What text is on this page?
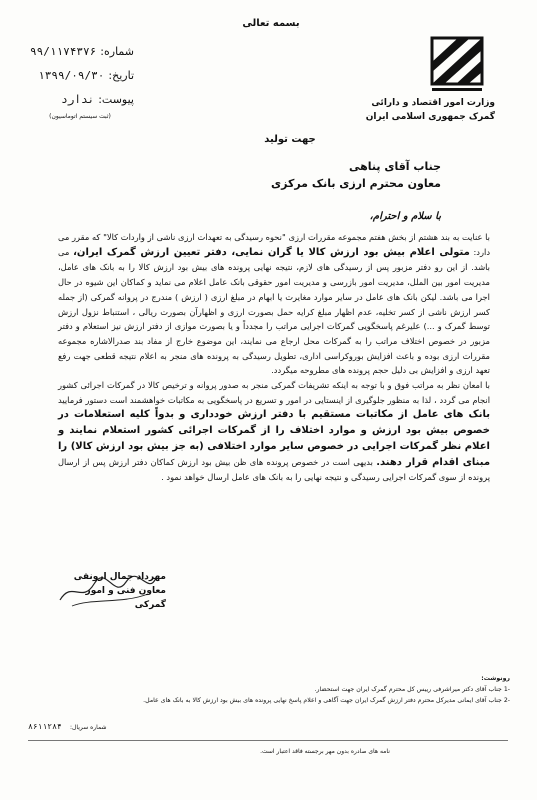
بسمه تعالی
وزارت امور اقتصاد و دارائی
گمرک جمهوری اسلامی ایران
شماره:
۹۹/۱۱۷۴۳۷۶
تاریخ:
۱۳۹۹/۰۹/۳۰
پیوست:
ندارد
(ثبت سیستم اتوماسیون)
جهت تولید
جناب آقای پناهی
معاون محترم ارزی بانک مرکزی
با سلام و احترام،

با عنایت به بند هشتم از بخش هفتم مجموعه مقررات ارزی "نحوه رسیدگی به تعهدات ارزی ناشی از واردات کالا" که مقرر می دارد: متولی اعلام بیش بود ارزش کالا یا گران نمایی، دفتر تعیین ارزش گمرک ایران، می باشد. از این رو دفتر مزبور پس از رسیدگی های لازم، نتیجه نهایی پرونده های بیش بود ارزش کالا را به بانک های عامل، مدیریت امور بین الملل، مدیریت امور بازرسی و مدیریت امور حقوقی بانک عامل اعلام می نماید و کماکان این شیوه در حال اجرا می باشد. لیکن بانک های عامل در سایر موارد مغایرت یا ابهام در مبلغ ارزی ( ارزش ) مندرج در پروانه گمرکی (از جمله کسر ارزش ناشی از کسر تخلیه، عدم اظهار مبلغ کرایه حمل بصورت ارزی و اظهارآن بصورت ریالی ، استنباط نزول ارزش توسط گمرک و ...) علیرغم پاسخگویی گمرکات اجرایی مراتب را مجدداً و یا بصورت موازی از دفتر ارزش نیز استعلام و دفتر مزبور در خصوص اختلاف مراتب را به گمرکات محل ارجاع می نمایند، این موضوع خارج از مفاد بند صدرالاشاره مجموعه مقررات ارزی بوده و باعث افزایش بوروکراسی اداری، تطویل رسیدگی به پرونده های منجر به اعلام نتیجه قطعی جهت رفع تعهد ارزی و افزایش بی دلیل حجم پرونده های مطروحه میگردد.

با امعان نظر به مراتب فوق و با توجه به اینکه تشریفات گمرکی منجر به صدور پروانه و ترخیص کالا در گمرکات اجرائی کشور انجام می گردد ، لذا به منظور جلوگیری از اینستایی در امور و تسریع در پاسخگویی به مکاتبات خواهشمند است دستور فرمایید بانک های عامل از مکاتبات مستقیم با دفتر ارزش خودداری و بدواً کلیه استعلامات در خصوص بیش بود ارزش و موارد اختلاف را از گمرکات اجرائی کشور استعلام نمایند و اعلام نظر گمرکات اجرایی در خصوص سایر موارد اختلافی (به جز بیش بود ارزش کالا) را مبنای اقدام قرار دهند. بدیهی است در خصوص پرونده های ظن بیش بود ارزش کماکان دفتر ارزش پس از ارسال پرونده از سوی گمرکات اجرایی رسیدگی و نتیجه نهایی را به بانک های عامل ارسال خواهد نمود .

مهرداد جمال ارونقی
معاون فنی و امور گمرکی
رونوشت:
-1 جناب آقای دکتر میراشرفی رییس کل محترم گمرک ایران جهت استحضار.
-2 جناب آقای ایمانی مدیرکل محترم دفتر ارزش گمرک ایران جهت آگاهی و اعلام پاسخ نهایی پرونده های بیش بود ارزش کالا به بانک های عامل.
شماره سریال:
۸۶۱۱۲۸۴
نامه های صادره بدون مهر برجسته فاقد اعتبار است.
